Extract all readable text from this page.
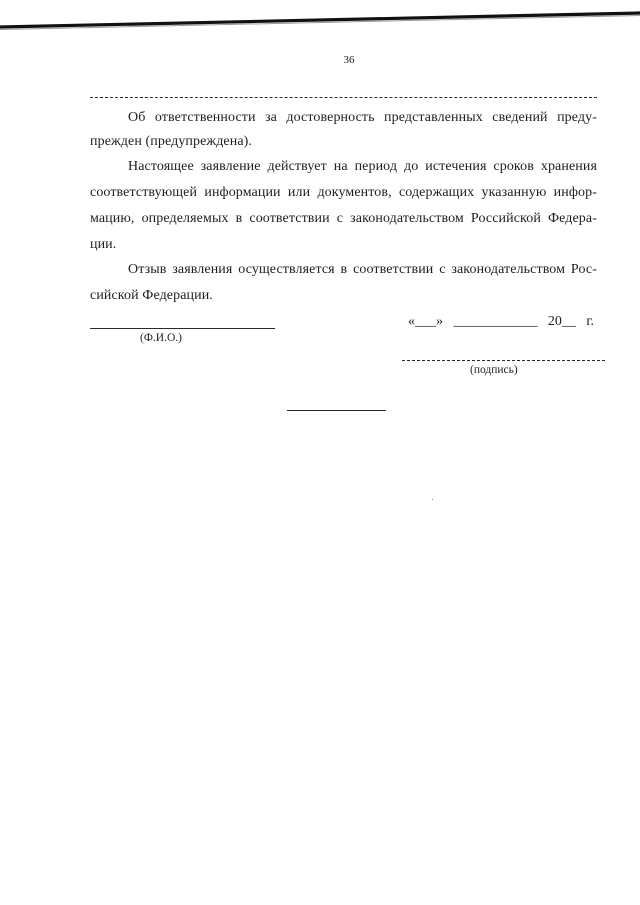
36
Об ответственности за достоверность представленных сведений преду-
прежден (предупреждена).
Настоящее заявление действует на период до истечения сроков хранения
соответствующей информации или документов, содержащих указанную инфор-
мацию, определяемых в соответствии с законодательством Российской Федера-
ции.
Отзыв заявления осуществляется в соответствии с законодательством Рос-
сийской Федерации.
(Ф.И.О.)
«___» ____________ 20__ г.
(подпись)
